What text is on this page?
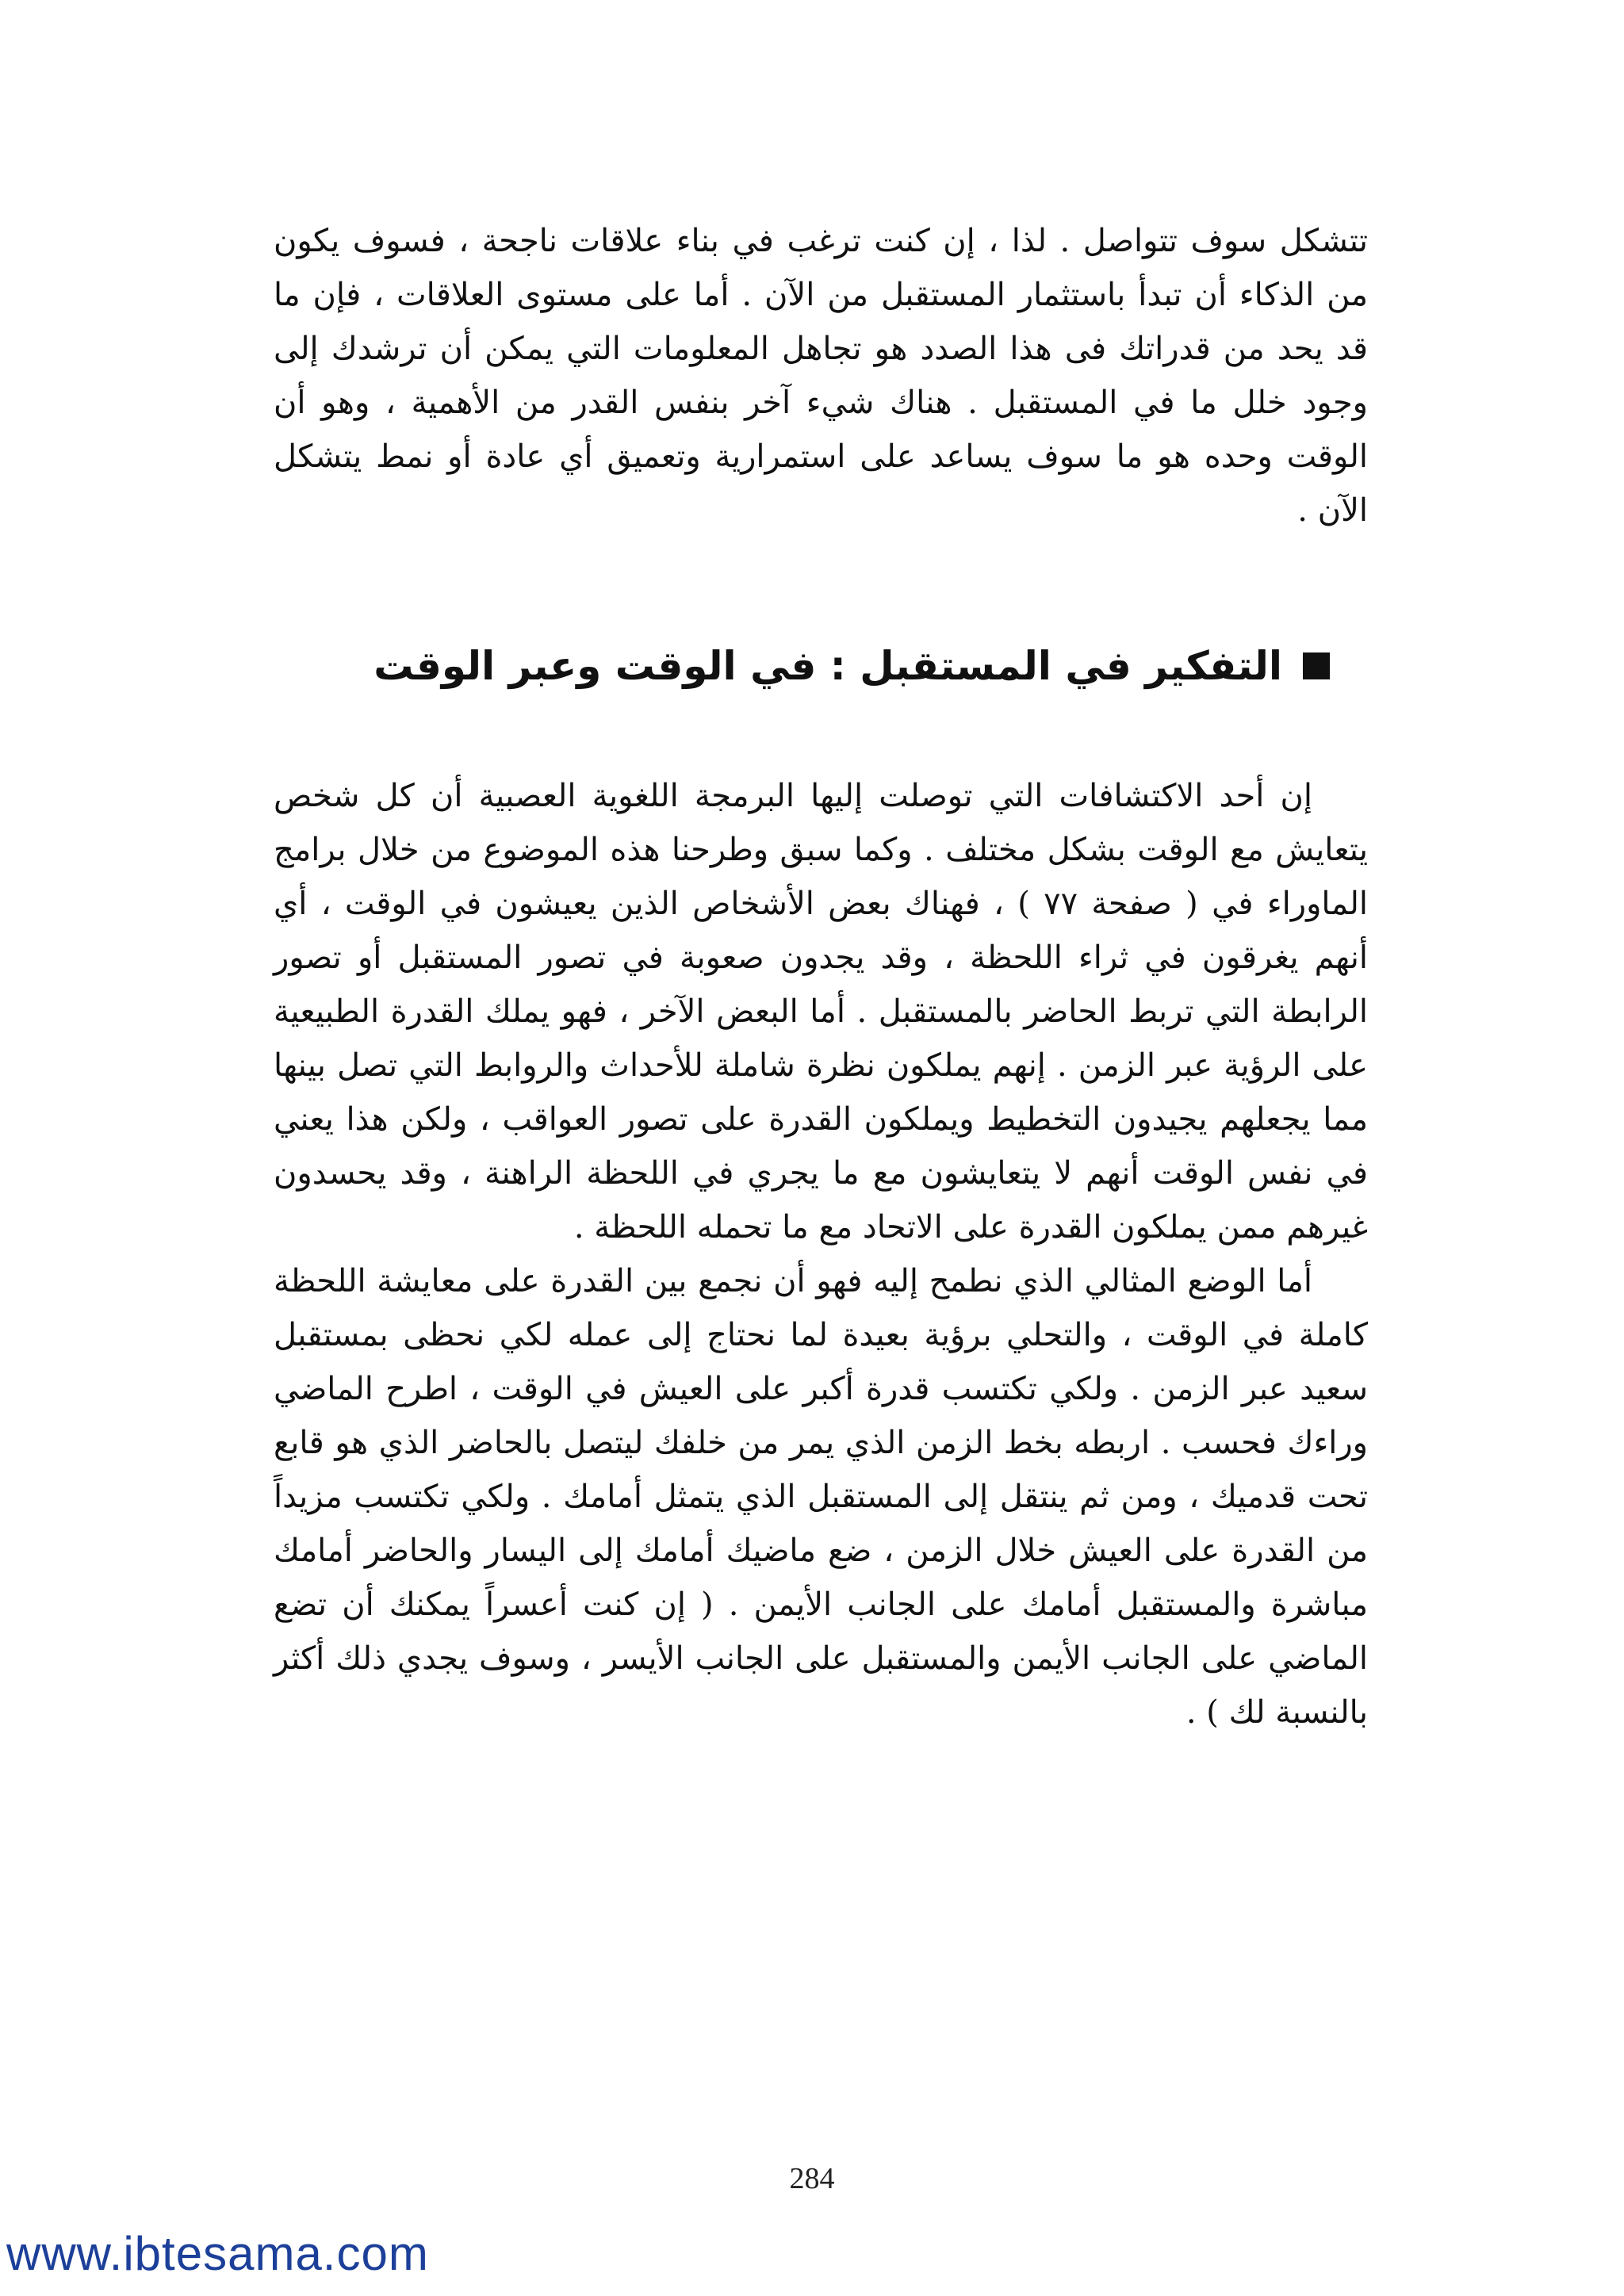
تتشكل سوف تتواصل . لذا ، إن كنت ترغب في بناء علاقات ناجحة ، فسوف يكون من الذكاء أن تبدأ باستثمار المستقبل من الآن . أما على مستوى العلاقات ، فإن ما قد يحد من قدراتك فى هذا الصدد هو تجاهل المعلومات التي يمكن أن ترشدك إلى وجود خلل ما في المستقبل . هناك شيء آخر بنفس القدر من الأهمية ، وهو أن الوقت وحده هو ما سوف يساعد على استمرارية وتعميق أي عادة أو نمط يتشكل الآن .

التفكير في المستقبل : في الوقت وعبر الوقت

إن أحد الاكتشافات التي توصلت إليها البرمجة اللغوية العصبية أن كل شخص يتعايش مع الوقت بشكل مختلف . وكما سبق وطرحنا هذه الموضوع من خلال برامج الماوراء في ( صفحة ٧٧ ) ، فهناك بعض الأشخاص الذين يعيشون في الوقت ، أي أنهم يغرقون في ثراء اللحظة ، وقد يجدون صعوبة في تصور المستقبل أو تصور الرابطة التي تربط الحاضر بالمستقبل . أما البعض الآخر ، فهو يملك القدرة الطبيعية على الرؤية عبر الزمن . إنهم يملكون نظرة شاملة للأحداث والروابط التي تصل بينها مما يجعلهم يجيدون التخطيط ويملكون القدرة على تصور العواقب ، ولكن هذا يعني في نفس الوقت أنهم لا يتعايشون مع ما يجري في اللحظة الراهنة ، وقد يحسدون غيرهم ممن يملكون القدرة على الاتحاد مع ما تحمله اللحظة .

أما الوضع المثالي الذي نطمح إليه فهو أن نجمع بين القدرة على معايشة اللحظة كاملة في الوقت ، والتحلي برؤية بعيدة لما نحتاج إلى عمله لكي نحظى بمستقبل سعيد عبر الزمن . ولكي تكتسب قدرة أكبر على العيش في الوقت ، اطرح الماضي وراءك فحسب . اربطه بخط الزمن الذي يمر من خلفك ليتصل بالحاضر الذي هو قابع تحت قدميك ، ومن ثم ينتقل إلى المستقبل الذي يتمثل أمامك . ولكي تكتسب مزيداً من القدرة على العيش خلال الزمن ، ضع ماضيك أمامك إلى اليسار والحاضر أمامك مباشرة والمستقبل أمامك على الجانب الأيمن . ( إن كنت أعسراً يمكنك أن تضع الماضي على الجانب الأيمن والمستقبل على الجانب الأيسر ، وسوف يجدي ذلك أكثر بالنسبة لك ) .

284
www.ibtesama.com
